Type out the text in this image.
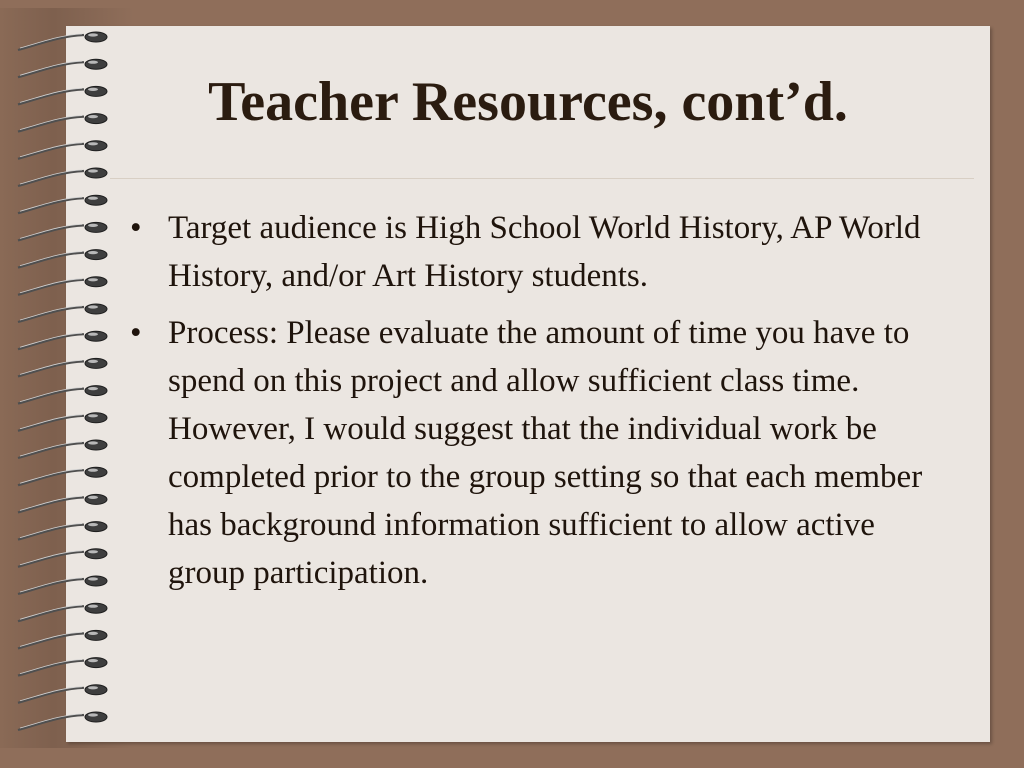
Teacher Resources, cont’d.
• Target audience is High School World History, AP World History, and/or Art History students.
• Process: Please evaluate the amount of time you have to spend on this project and allow sufficient class time. However, I would suggest that the individual work be completed prior to the group setting so that each member has background information sufficient to allow active group participation.
